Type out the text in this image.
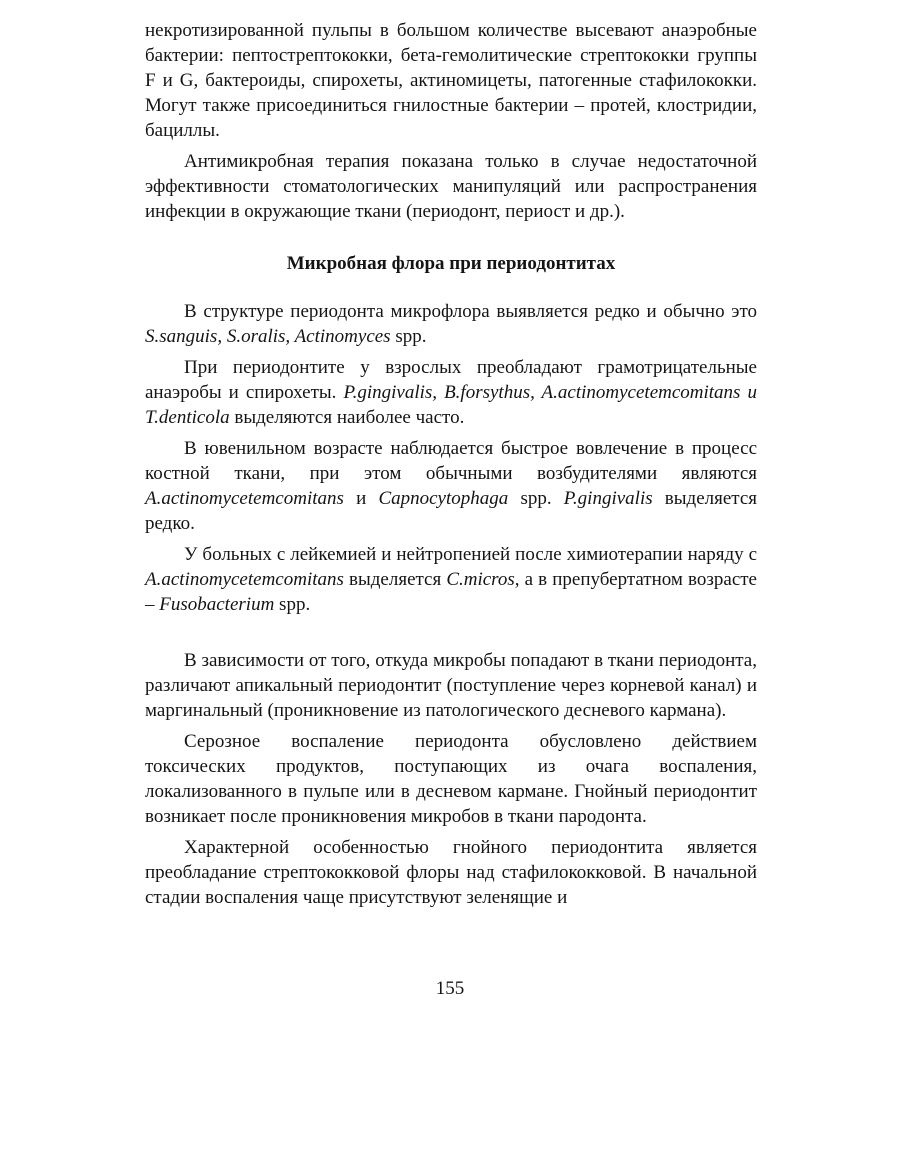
некротизированной пульпы в большом количестве высевают анаэробные бактерии: пептострептококки, бета-гемолитические стрептококки группы F и G, бактероиды, спирохеты, актиномицеты, патогенные стафилококки. Могут также присоединиться гнилостные бактерии – протей, клостридии, бациллы.

Антимикробная терапия показана только в случае недостаточной эффективности стоматологических манипуляций или распространения инфекции в окружающие ткани (периодонт, периост и др.).

Микробная флора при периодонтитах

В структуре периодонта микрофлора выявляется редко и обычно это S.sanguis, S.oralis, Actinomyces spp.

При периодонтите у взрослых преобладают грамотрицательные анаэробы и спирохеты. P.gingivalis, B.forsythus, A.actinomycetemcomitans и T.denticola выделяются наиболее часто.

В ювенильном возрасте наблюдается быстрое вовлечение в процесс костной ткани, при этом обычными возбудителями являются A.actinomycetemcomitans и Capnocytophaga spp. P.gingivalis выделяется редко.

У больных с лейкемией и нейтропенией после химиотерапии наряду с A.actinomycetemcomitans выделяется C.micros, а в препубертатном возрасте – Fusobacterium spp.

В зависимости от того, откуда микробы попадают в ткани периодонта, различают апикальный периодонтит (поступление через корневой канал) и маргинальный (проникновение из патологического десневого кармана).

Серозное воспаление периодонта обусловлено действием токсических продуктов, поступающих из очага воспаления, локализованного в пульпе или в десневом кармане. Гнойный периодонтит возникает после проникновения микробов в ткани пародонта.

Характерной особенностью гнойного периодонтита является преобладание стрептококковой флоры над стафилококковой. В начальной стадии воспаления чаще присутствуют зеленящие и

155
